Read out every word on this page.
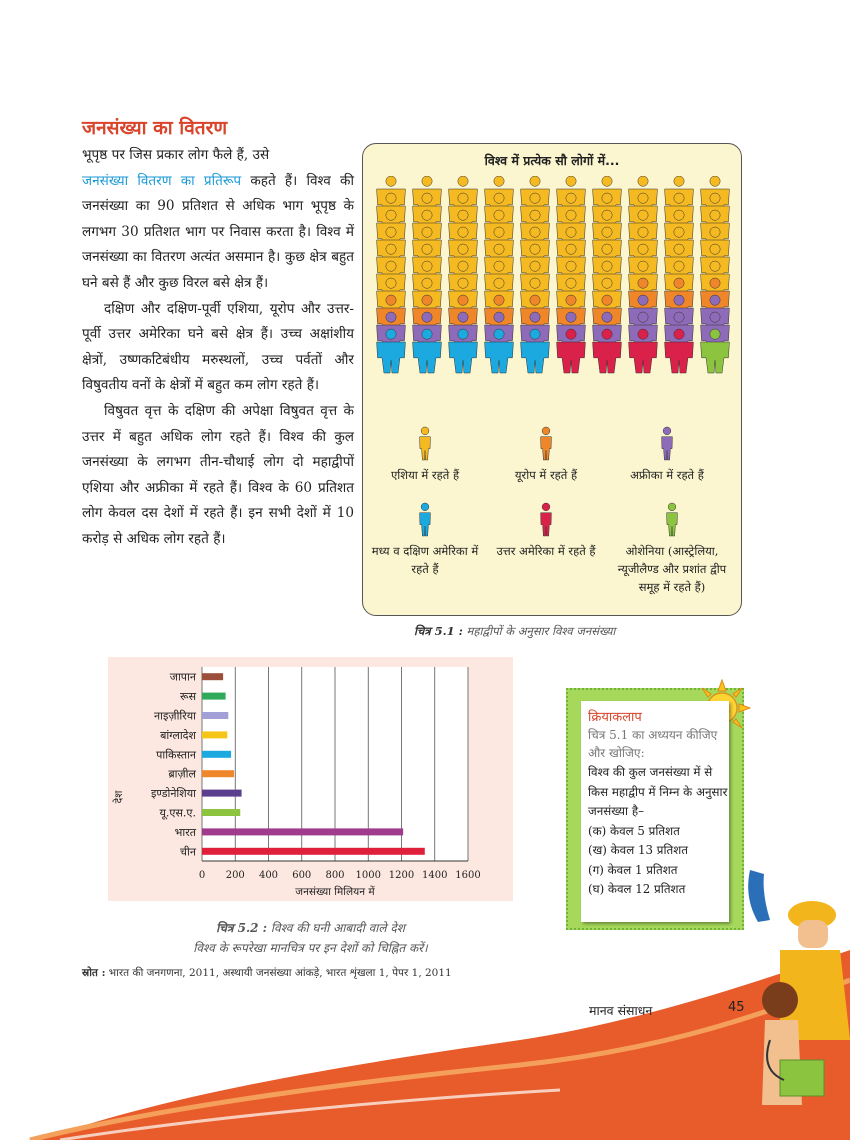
जनसंख्या का वितरण

भूपृष्ठ पर जिस प्रकार लोग फैले हैं, उसे
जनसंख्या वितरण का प्रतिरूप कहते हैं। विश्व की जनसंख्या का 90 प्रतिशत से अधिक भाग भूपृष्ठ के लगभग 30 प्रतिशत भाग पर निवास करता है। विश्व में जनसंख्या का वितरण अत्यंत असमान है। कुछ क्षेत्र बहुत घने बसे हैं और कुछ विरल बसे क्षेत्र हैं।

दक्षिण और दक्षिण-पूर्वी एशिया, यूरोप और उत्तर-पूर्वी उत्तर अमेरिका घने बसे क्षेत्र हैं। उच्च अक्षांशीय क्षेत्रों, उष्णकटिबंधीय मरुस्थलों, उच्च पर्वतों और विषुवतीय वनों के क्षेत्रों में बहुत कम लोग रहते हैं।

विषुवत वृत्त के दक्षिण की अपेक्षा विषुवत वृत्त के उत्तर में बहुत अधिक लोग रहते हैं। विश्व की कुल जनसंख्या के लगभग तीन-चौथाई लोग दो महाद्वीपों एशिया और अफ्रीका में रहते हैं। विश्व के 60 प्रतिशत लोग केवल दस देशों में रहते हैं। इन सभी देशों में 10 करोड़ से अधिक लोग रहते हैं।

विश्व में प्रत्येक सौ लोगों में...
एशिया में रहते हैं	यूरोप में रहते हैं	अफ्रीका में रहते हैं
मध्य व दक्षिण अमेरिका में रहते हैं
उत्तर अमेरिका में रहते हैं	ओशेनिया (आस्ट्रेलिया, न्यूजीलैण्ड और प्रशांत द्वीप समूह में रहते हैं)
चित्र 5.1 : महाद्वीपों के अनुसार विश्व जनसंख्या
0 200 400 600 800 1000 1200 1400 1600
जापान
रूस
नाइज़ीरिया
बांग्लादेश
पाकिस्तान
ब्राज़ील
इण्डोनेशिया
यू.एस.ए.
भारत
चीन
जनसंख्या मिलियन में
देश
चित्र 5.2 : विश्व की घनी आबादी वाले देश
विश्व के रूपरेखा मानचित्र पर इन देशों को चिह्नित करें।
स्रोत : भारत की जनगणना, 2011, अस्थायी जनसंख्या आंकड़े, भारत शृंखला 1, पेपर 1, 2011
क्रियाकलाप
चित्र 5.1 का अध्ययन कीजिए और खोजिए:
विश्व की कुल जनसंख्या में से किस महाद्वीप में निम्न के अनुसार जनसंख्या है–
(क) केवल 5 प्रतिशत
(ख) केवल 13 प्रतिशत
(ग) केवल 1 प्रतिशत
(घ) केवल 12 प्रतिशत
मानव संसाधन	45
